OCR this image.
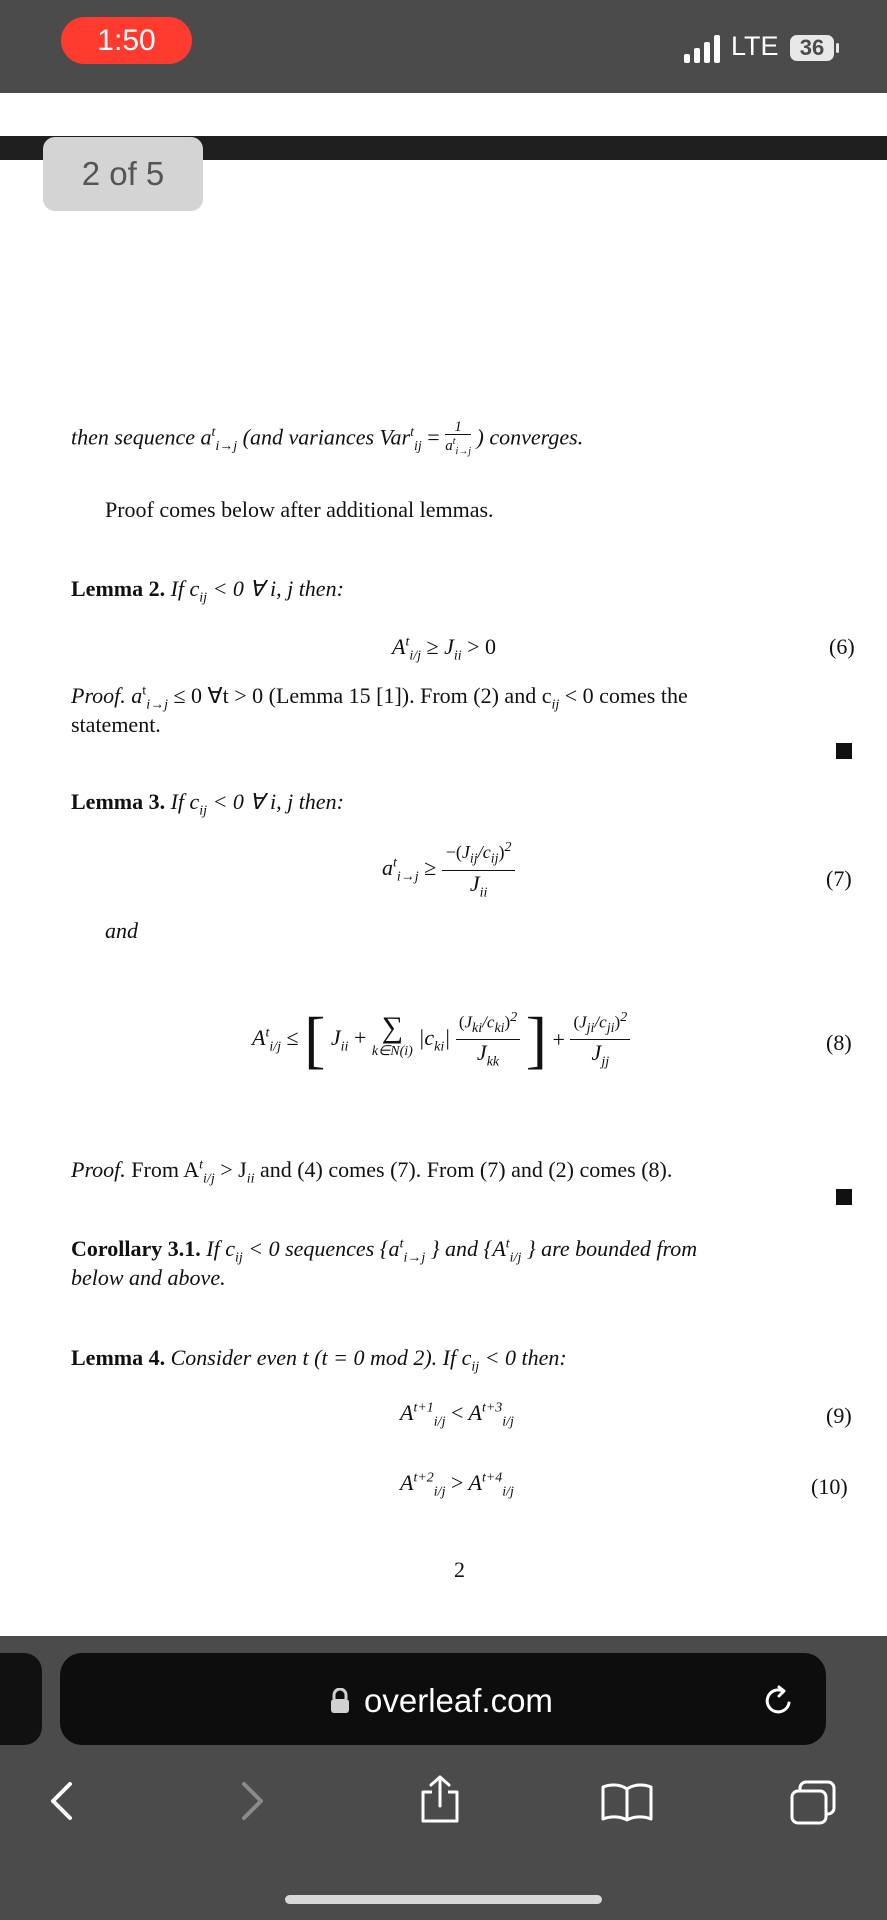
1:50	LTE 36
2 of 5
then sequence $a^t_{i\to j}$ (and variances Var$^t_{ij}$ = 1
$a^t_{i\to j}$
) converges.
Proof comes below after additional lemmas.
Lemma 2. If $c_{ij} < 0$ ∀ i, j then:
$A^t_{i/j} \ge J_{ii} > 0$	(6)
Proof. $a^t_{i\to j} \le 0$ ∀t > 0 (Lemma 15 [1]). From (2) and $c_{ij} < 0$ comes the
statement.
Lemma 3. If $c_{ij} < 0$ ∀ i, j then:
$a^t_{i\to j}$ ≥
$-(J_{ij}/c_{ij})^2$
$J_{ii}$
(7)
and
$A^t_{i/j}$ ≤ [ $J_{ii}$ + ∑
k∈N(i)
$|c_{ki}|$
$(J_{ki}/c_{ki})^2$
$J_{kk}$ ] +
$(J_{ji}/c_{ji})^2$
$J_{jj}$
(8)
Proof. From $A^t_{i/j} > J_{ii}$ and (4) comes (7). From (7) and (2) comes (8).
Corollary 3.1. If $c_{ij} < 0$ sequences {$a^t_{i\to j}$ } and {$A^t_{i/j}$ } are bounded from
below and above.
Lemma 4. Consider even t (t = 0 mod 2). If $c_{ij} < 0$ then:
$A^{t+1}_{i/j} < A^{t+3}_{i/j}$	(9)
$A^{t+2}_{i/j} > A^{t+4}_{i/j}$	(10)
2
overleaf.com
